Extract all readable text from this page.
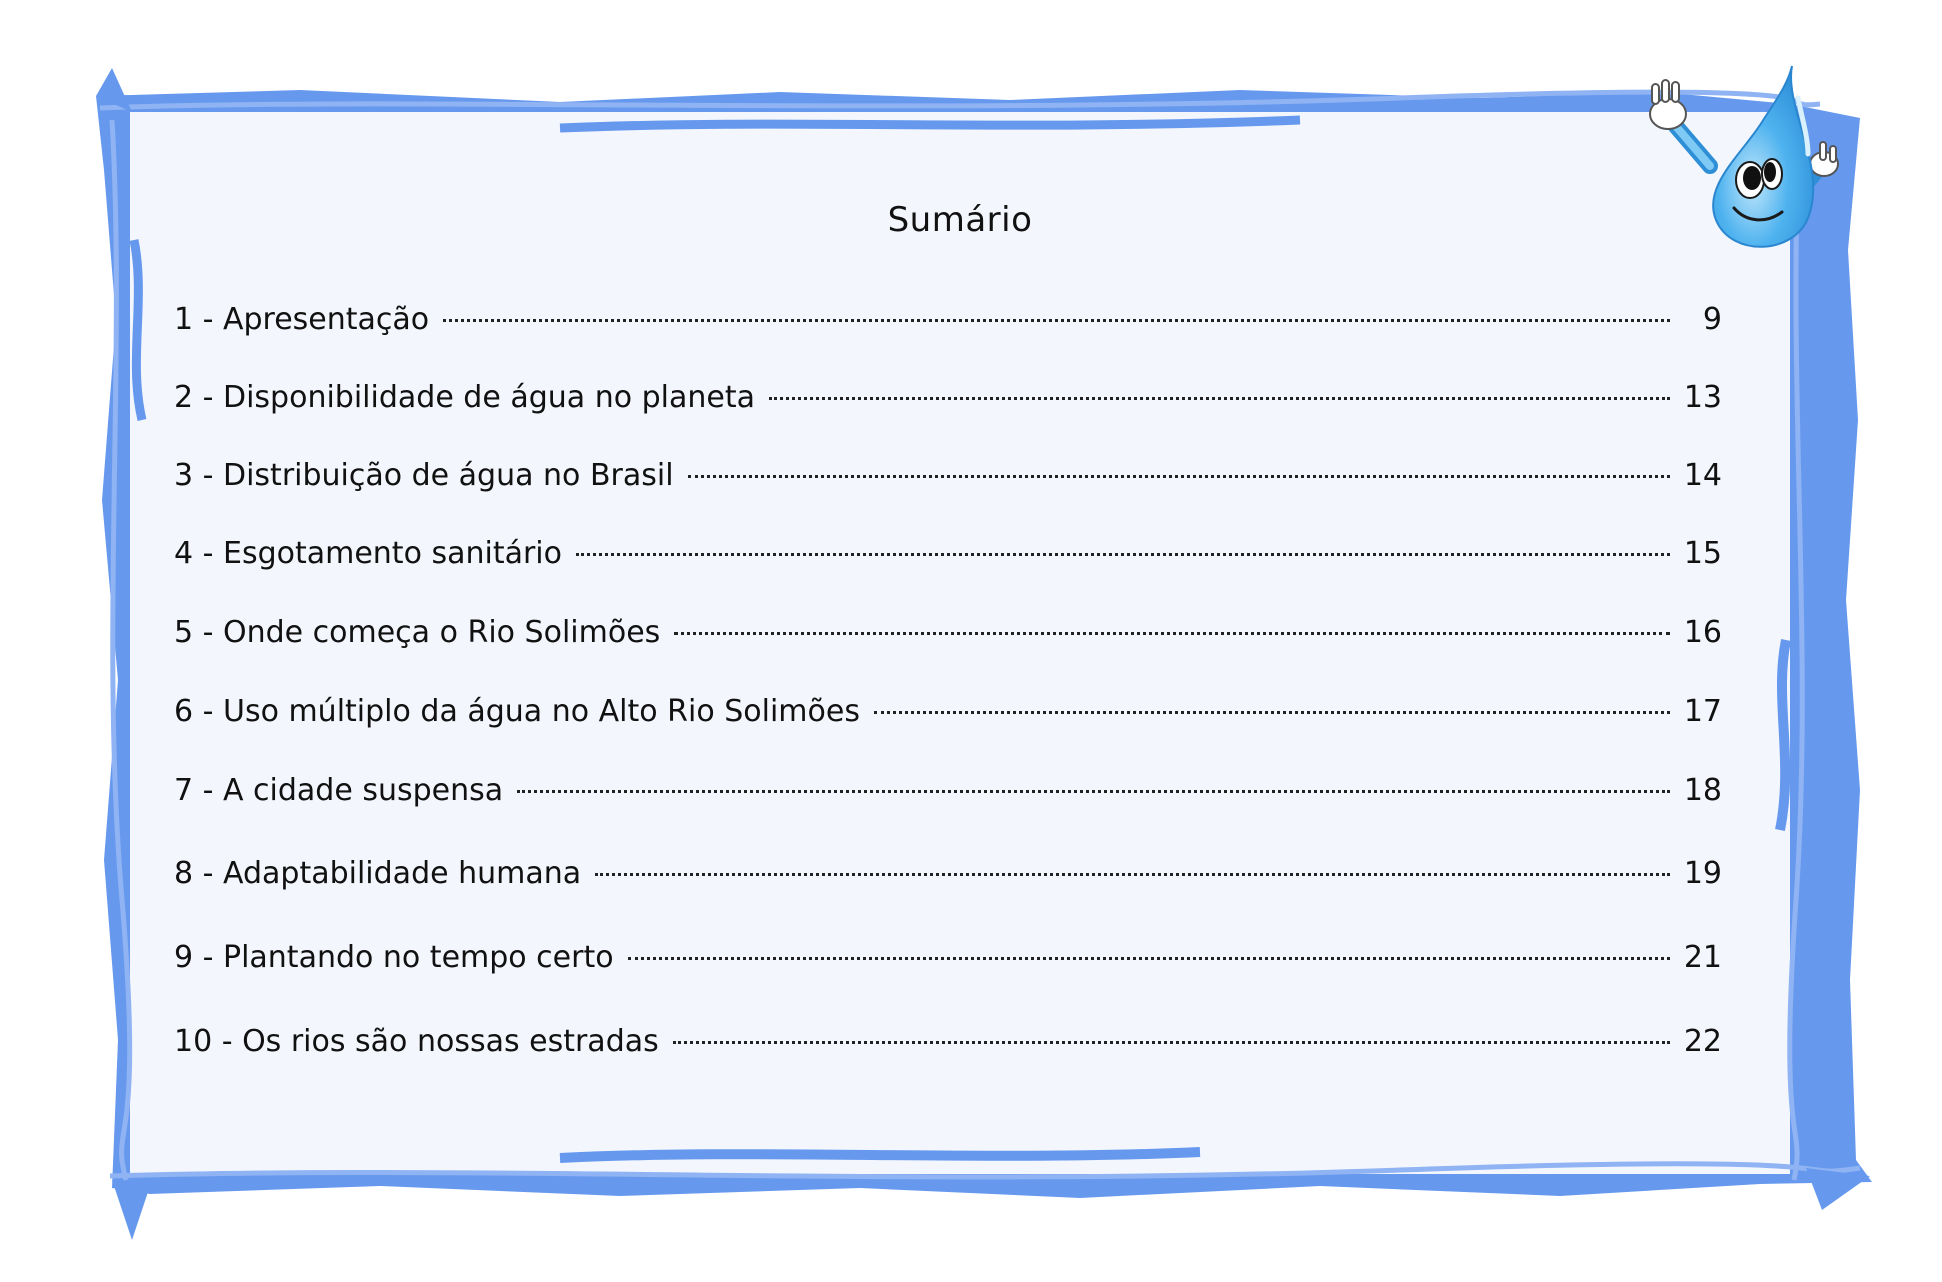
Sumário
1 - Apresentação	9
2 - Disponibilidade de água no planeta	13
3 - Distribuição de água no Brasil	14
4 - Esgotamento sanitário	15
5 - Onde começa o Rio Solimões	16
6 - Uso múltiplo da água no Alto Rio Solimões	17
7 - A cidade suspensa	18
8 - Adaptabilidade humana	19
9 - Plantando no tempo certo	21
10 - Os rios são nossas estradas	22
